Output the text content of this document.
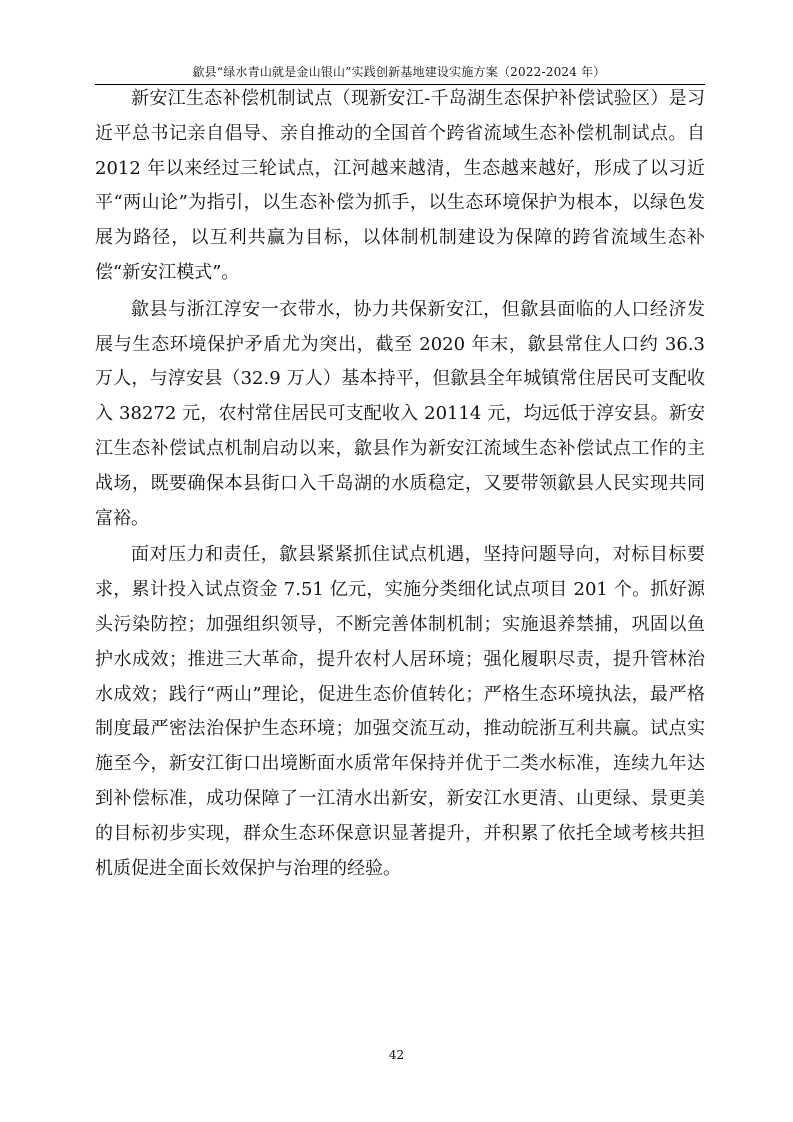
歙县“绿水青山就是金山银山”实践创新基地建设实施方案（2022-2024 年）

新安江生态补偿机制试点（现新安江-千岛湖生态保护补偿试验区）是习近平总书记亲自倡导、亲自推动的全国首个跨省流域生态补偿机制试点。自 2012 年以来经过三轮试点，江河越来越清，生态越来越好，形成了以习近平“两山论”为指引，以生态补偿为抓手，以生态环境保护为根本，以绿色发展为路径，以互利共赢为目标，以体制机制建设为保障的跨省流域生态补偿“新安江模式”。

歙县与浙江淳安一衣带水，协力共保新安江，但歙县面临的人口经济发展与生态环境保护矛盾尤为突出，截至 2020 年末，歙县常住人口约 36.3 万人，与淳安县（32.9 万人）基本持平，但歙县全年城镇常住居民可支配收入 38272 元，农村常住居民可支配收入 20114 元，均远低于淳安县。新安江生态补偿试点机制启动以来，歙县作为新安江流域生态补偿试点工作的主战场，既要确保本县街口入千岛湖的水质稳定，又要带领歙县人民实现共同富裕。

面对压力和责任，歙县紧紧抓住试点机遇，坚持问题导向，对标目标要求，累计投入试点资金 7.51 亿元，实施分类细化试点项目 201 个。抓好源头污染防控；加强组织领导，不断完善体制机制；实施退养禁捕，巩固以鱼护水成效；推进三大革命，提升农村人居环境；强化履职尽责，提升管林治水成效；践行“两山”理论，促进生态价值转化；严格生态环境执法，最严格制度最严密法治保护生态环境；加强交流互动，推动皖浙互利共赢。试点实施至今，新安江街口出境断面水质常年保持并优于二类水标准，连续九年达到补偿标准，成功保障了一江清水出新安，新安江水更清、山更绿、景更美的目标初步实现，群众生态环保意识显著提升，并积累了依托全域考核共担机质促进全面长效保护与治理的经验。

42
